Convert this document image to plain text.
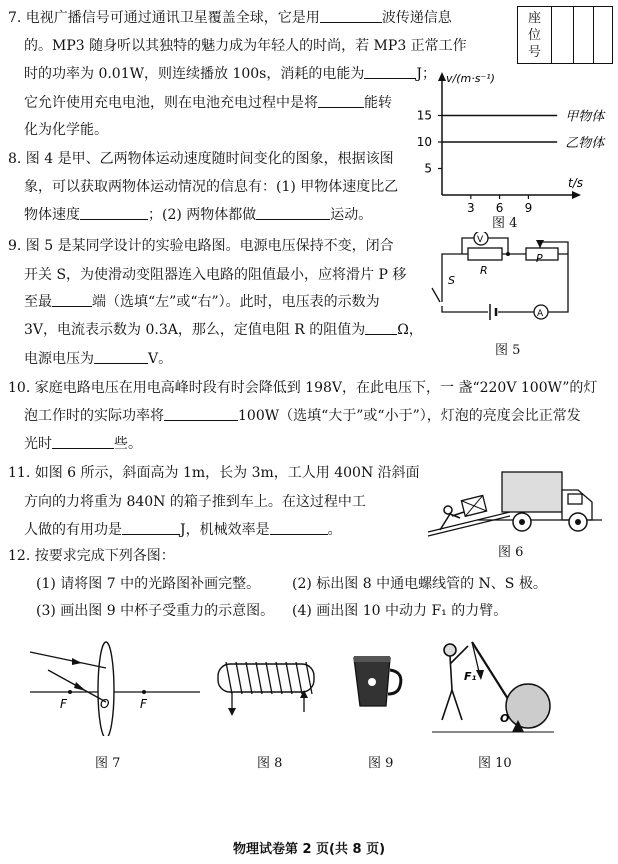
座
位
号
7. 电视广播信号可通过通讯卫星覆盖全球，它是用	波传递信息
的。MP3 随身听以其独特的魅力成为年轻人的时尚，若 MP3 正常工作
时的功率为 0.01W，则连续播放 100s，消耗的电能为	J；
它允许使用充电电池，则在电池充电过程中是将	能转
化为化学能。
8. 图 4 是甲、乙两物体运动速度随时间变化的图象，根据该图
象，可以获取两物体运动情况的信息有：(1) 甲物体速度比乙
物体速度	；(2) 两物体都做	运动。
v/(m·s⁻¹)
t/s
5
10
15
3 6 9
甲物体
乙物体
图 4
9. 图 5 是某同学设计的实验电路图。电源电压保持不变，闭合
开关 S，为使滑动变阻器连入电路的阻值最小，应将滑片 P 移
至最	端（选填“左”或“右”）。此时，电压表的示数为
3V，电流表示数为 0.3A，那么，定值电阻 R 的阻值为 Ω，
电源电压为	V。
V
A
P
R
S
图 5
10. 家庭电路电压在用电高峰时段有时会降低到 198V，在此电压下，一 盏“220V 100W”的灯
泡工作时的实际功率将	100W（选填“大于”或“小于”），灯泡的亮度会比正常发
光时	些。
11. 如图 6 所示，斜面高为 1m，长为 3m，工人用 400N 沿斜面
方向的力将重为 840N 的箱子推到车上。在这过程中工
人做的有用功是	J，机械效率是	。
图 6
12. 按要求完成下列各图：
(1) 请将图 7 中的光路图补画完整。 (2) 标出图 8 中通电螺线管的 N、S 极。
(3) 画出图 9 中杯子受重力的示意图。 (4) 画出图 10 中动力 F₁ 的力臂。
F	O	F
图 7	图 8	图 9
F₁
O
图 10
物理试卷第 2 页(共 8 页)
